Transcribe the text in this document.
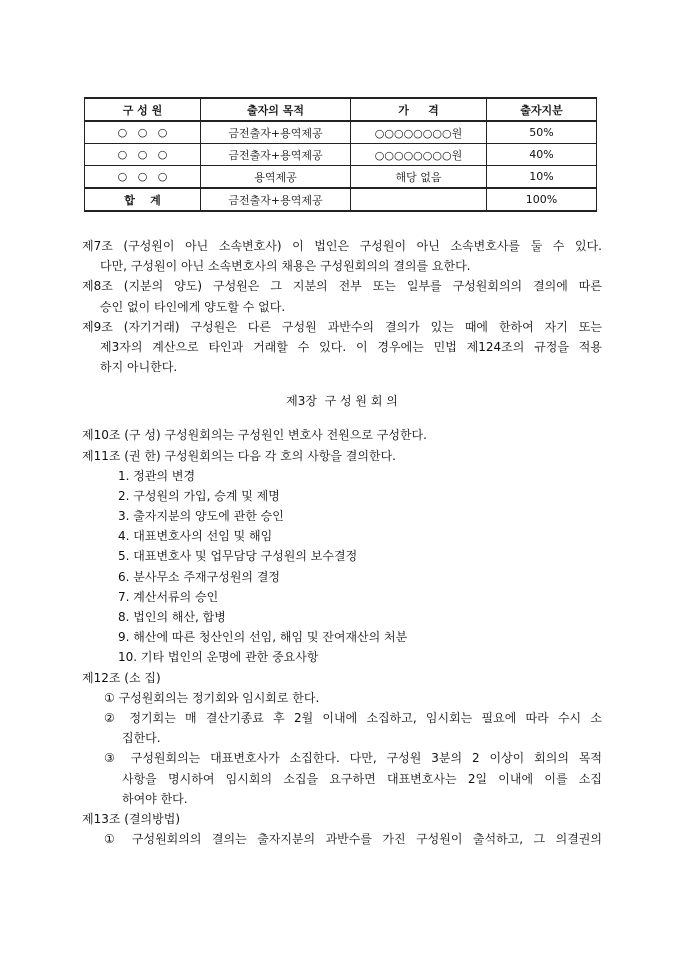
구 성 원	출자의 목적	가     격	출자지분
○   ○   ○	금전출자+용역제공	○○○○○○○○원	50%
○   ○   ○	금전출자+용역제공	○○○○○○○○원	40%
○   ○   ○	용역제공	해당 없음	10%
합    계	금전출자+용역제공		100%
제7조 (구성원이 아닌 소속변호사) 이 법인은 구성원이 아닌 소속변호사를 둘 수 있다.
다만, 구성원이 아닌 소속변호사의 채용은 구성원회의의 결의를 요한다.
제8조 (지분의 양도) 구성원은 그 지분의 전부 또는 일부를 구성원회의의 결의에 따른
승인 없이 타인에게 양도할 수 없다.
제9조 (자기거래) 구성원은 다른 구성원 과반수의 결의가 있는 때에 한하여 자기 또는
제3자의 계산으로 타인과 거래할 수 있다. 이 경우에는 민법 제124조의 규정을 적용
하지 아니한다.
제3장  구 성 원 회 의
제10조 (구 성) 구성원회의는 구성원인 변호사 전원으로 구성한다.
제11조 (권 한) 구성원회의는 다음 각 호의 사항을 결의한다.
1. 정관의 변경
2. 구성원의 가입, 승계 및 제명
3. 출자지분의 양도에 관한 승인
4. 대표변호사의 선임 및 해임
5. 대표변호사 및 업무담당 구성원의 보수결정
6. 분사무소 주재구성원의 결정
7. 계산서류의 승인
8. 법인의 해산, 합병
9. 해산에 따른 청산인의 선임, 해임 및 잔여재산의 처분
10. 기타 법인의 운명에 관한 중요사항
제12조 (소 집)
① 구성원회의는 정기회와 임시회로 한다.
② 정기회는 매 결산기종료 후 2월 이내에 소집하고, 임시회는 필요에 따라 수시 소
집한다.
③ 구성원회의는 대표변호사가 소집한다. 다만, 구성원 3분의 2 이상이 회의의 목적
사항을 명시하여 임시회의 소집을 요구하면 대표변호사는 2일 이내에 이를 소집
하여야 한다.
제13조 (결의방법)
① 구성원회의의 결의는 출자지분의 과반수를 가진 구성원이 출석하고, 그 의결권의
